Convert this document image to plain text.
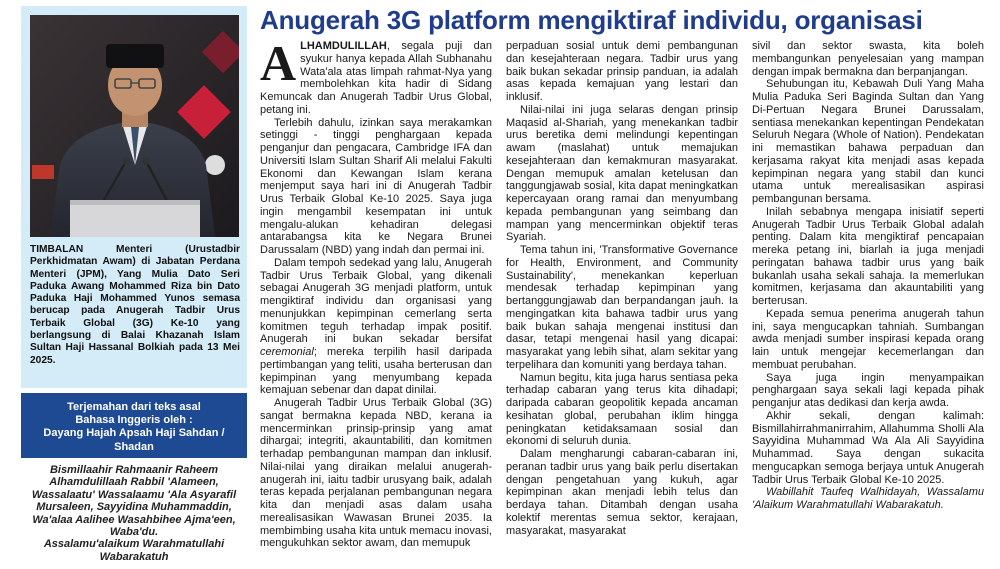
TIMBALAN Menteri (Urustadbir Perkhidmatan Awam) di Jabatan Perdana Menteri (JPM), Yang Mulia Dato Seri Paduka Awang Mohammed Riza bin Dato Paduka Haji Mohammed Yunos semasa berucap pada Anugerah Tadbir Urus Terbaik Global (3G) Ke-10 yang berlangsung di Balai Khazanah Islam Sultan Haji Hassanal Bolkiah pada 13 Mei 2025.
Terjemahan dari teks asal
Bahasa Inggeris oleh :
Dayang Hajah Apsah Haji Sahdan /
Shadan
Bismillaahir Rahmaanir Raheem
Alhamdulillaah Rabbil 'Alameen,
Wassalaatu' Wassalaamu 'Ala Asyarafil
Mursaleen, Sayyidina Muhammaddin,
Wa'alaa Aalihee Wasahbihee Ajma'een,
Waba'du.
Assalamu'alaikum Warahmatullahi
Wabarakatuh
Anugerah 3G platform mengiktiraf individu, organisasi

ALHAMDULILLAH, segala puji dan syukur hanya kepada Allah Subhanahu Wata'ala atas limpah rahmat-Nya yang membolehkan kita hadir di Sidang Kemuncak dan Anugerah Tadbir Urus Global, petang ini.

Terlebih dahulu, izinkan saya merakamkan setinggi - tinggi penghargaan kepada penganjur dan pengacara, Cambridge IFA dan Universiti Islam Sultan Sharif Ali melalui Fakulti Ekonomi dan Kewangan Islam kerana menjemput saya hari ini di Anugerah Tadbir Urus Terbaik Global Ke-10 2025. Saya juga ingin mengambil kesempatan ini untuk mengalu-alukan kehadiran delegasi antarabangsa kita ke Negara Brunei Darussalam (NBD) yang indah dan permai ini.

Dalam tempoh sedekad yang lalu, Anugerah Tadbir Urus Terbaik Global, yang dikenali sebagai Anugerah 3G menjadi platform, untuk mengiktiraf individu dan organisasi yang menunjukkan kepimpinan cemerlang serta komitmen teguh terhadap impak positif. Anugerah ini bukan sekadar bersifat ceremonial; mereka terpilih hasil daripada pertimbangan yang teliti, usaha berterusan dan kepimpinan yang menyumbang kepada kemajuan sebenar dan dapat dinilai.

Anugerah Tadbir Urus Terbaik Global (3G) sangat bermakna kepada NBD, kerana ia mencerminkan prinsip-prinsip yang amat dihargai; integriti, akauntabiliti, dan komitmen terhadap pembangunan mampan dan inklusif. Nilai-nilai yang diraikan melalui anugerah-anugerah ini, iaitu tadbir urusyang baik, adalah teras kepada perjalanan pembangunan negara kita dan menjadi asas dalam usaha merealisasikan Wawasan Brunei 2035. Ia membimbing usaha kita untuk memacu inovasi, mengukuhkan sektor awam, dan memupuk

perpaduan sosial untuk demi pembangunan dan kesejahteraan negara. Tadbir urus yang baik bukan sekadar prinsip panduan, ia adalah asas kepada kemajuan yang lestari dan inklusif.

Nilai-nilai ini juga selaras dengan prinsip Maqasid al-Shariah, yang menekankan tadbir urus beretika demi melindungi kepentingan awam (maslahat) untuk memajukan kesejahteraan dan kemakmuran masyarakat. Dengan memupuk amalan ketelusan dan tanggungjawab sosial, kita dapat meningkatkan kepercayaan orang ramai dan menyumbang kepada pembangunan yang seimbang dan mampan yang mencerminkan objektif teras Syariah.

Tema tahun ini, 'Transformative Governance for Health, Environment, and Community Sustainability', menekankan keperluan mendesak terhadap kepimpinan yang bertanggungjawab dan berpandangan jauh. Ia mengingatkan kita bahawa tadbir urus yang baik bukan sahaja mengenai institusi dan dasar, tetapi mengenai hasil yang dicapai: masyarakat yang lebih sihat, alam sekitar yang terpelihara dan komuniti yang berdaya tahan.

Namun begitu, kita juga harus sentiasa peka terhadap cabaran yang terus kita dihadapi; daripada cabaran geopolitik kepada ancaman kesihatan global, perubahan iklim hingga peningkatan ketidaksamaan sosial dan ekonomi di seluruh dunia.

Dalam mengharungi cabaran-cabaran ini, peranan tadbir urus yang baik perlu disertakan dengan pengetahuan yang kukuh, agar kepimpinan akan menjadi lebih telus dan berdaya tahan. Ditambah dengan usaha kolektif merentas semua sektor, kerajaan, masyarakat, masyarakat

sivil dan sektor swasta, kita boleh membangunkan penyelesaian yang mampan dengan impak bermakna dan berpanjangan.

Sehubungan itu, Kebawah Duli Yang Maha Mulia Paduka Seri Baginda Sultan dan Yang Di-Pertuan Negara Brunei Darussalam, sentiasa menekankan kepentingan Pendekatan Seluruh Negara (Whole of Nation). Pendekatan ini memastikan bahawa perpaduan dan kerjasama rakyat kita menjadi asas kepada kepimpinan negara yang stabil dan kunci utama untuk merealisasikan aspirasi pembangunan bersama.

Inilah sebabnya mengapa inisiatif seperti Anugerah Tadbir Urus Terbaik Global adalah penting. Dalam kita mengiktiraf pencapaian mereka petang ini, biarlah ia juga menjadi peringatan bahawa tadbir urus yang baik bukanlah usaha sekali sahaja. Ia memerlukan komitmen, kerjasama dan akauntabiliti yang berterusan.

Kepada semua penerima anugerah tahun ini, saya mengucapkan tahniah. Sumbangan awda menjadi sumber inspirasi kepada orang lain untuk mengejar kecemerlangan dan membuat perubahan.

Saya juga ingin menyampaikan penghargaan saya sekali lagi kepada pihak penganjur atas dedikasi dan kerja awda.

Akhir sekali, dengan kalimah: Bismillahirrahmanirrahim, Allahumma Sholli Ala Sayyidina Muhammad Wa Ala Ali Sayyidina Muhammad. Saya dengan sukacita mengucapkan semoga berjaya untuk Anugerah Tadbir Urus Terbaik Global Ke-10 2025.

Wabillahit Taufeq Walhidayah, Wassalamu 'Alaikum Warahmatullahi Wabarakatuh.
